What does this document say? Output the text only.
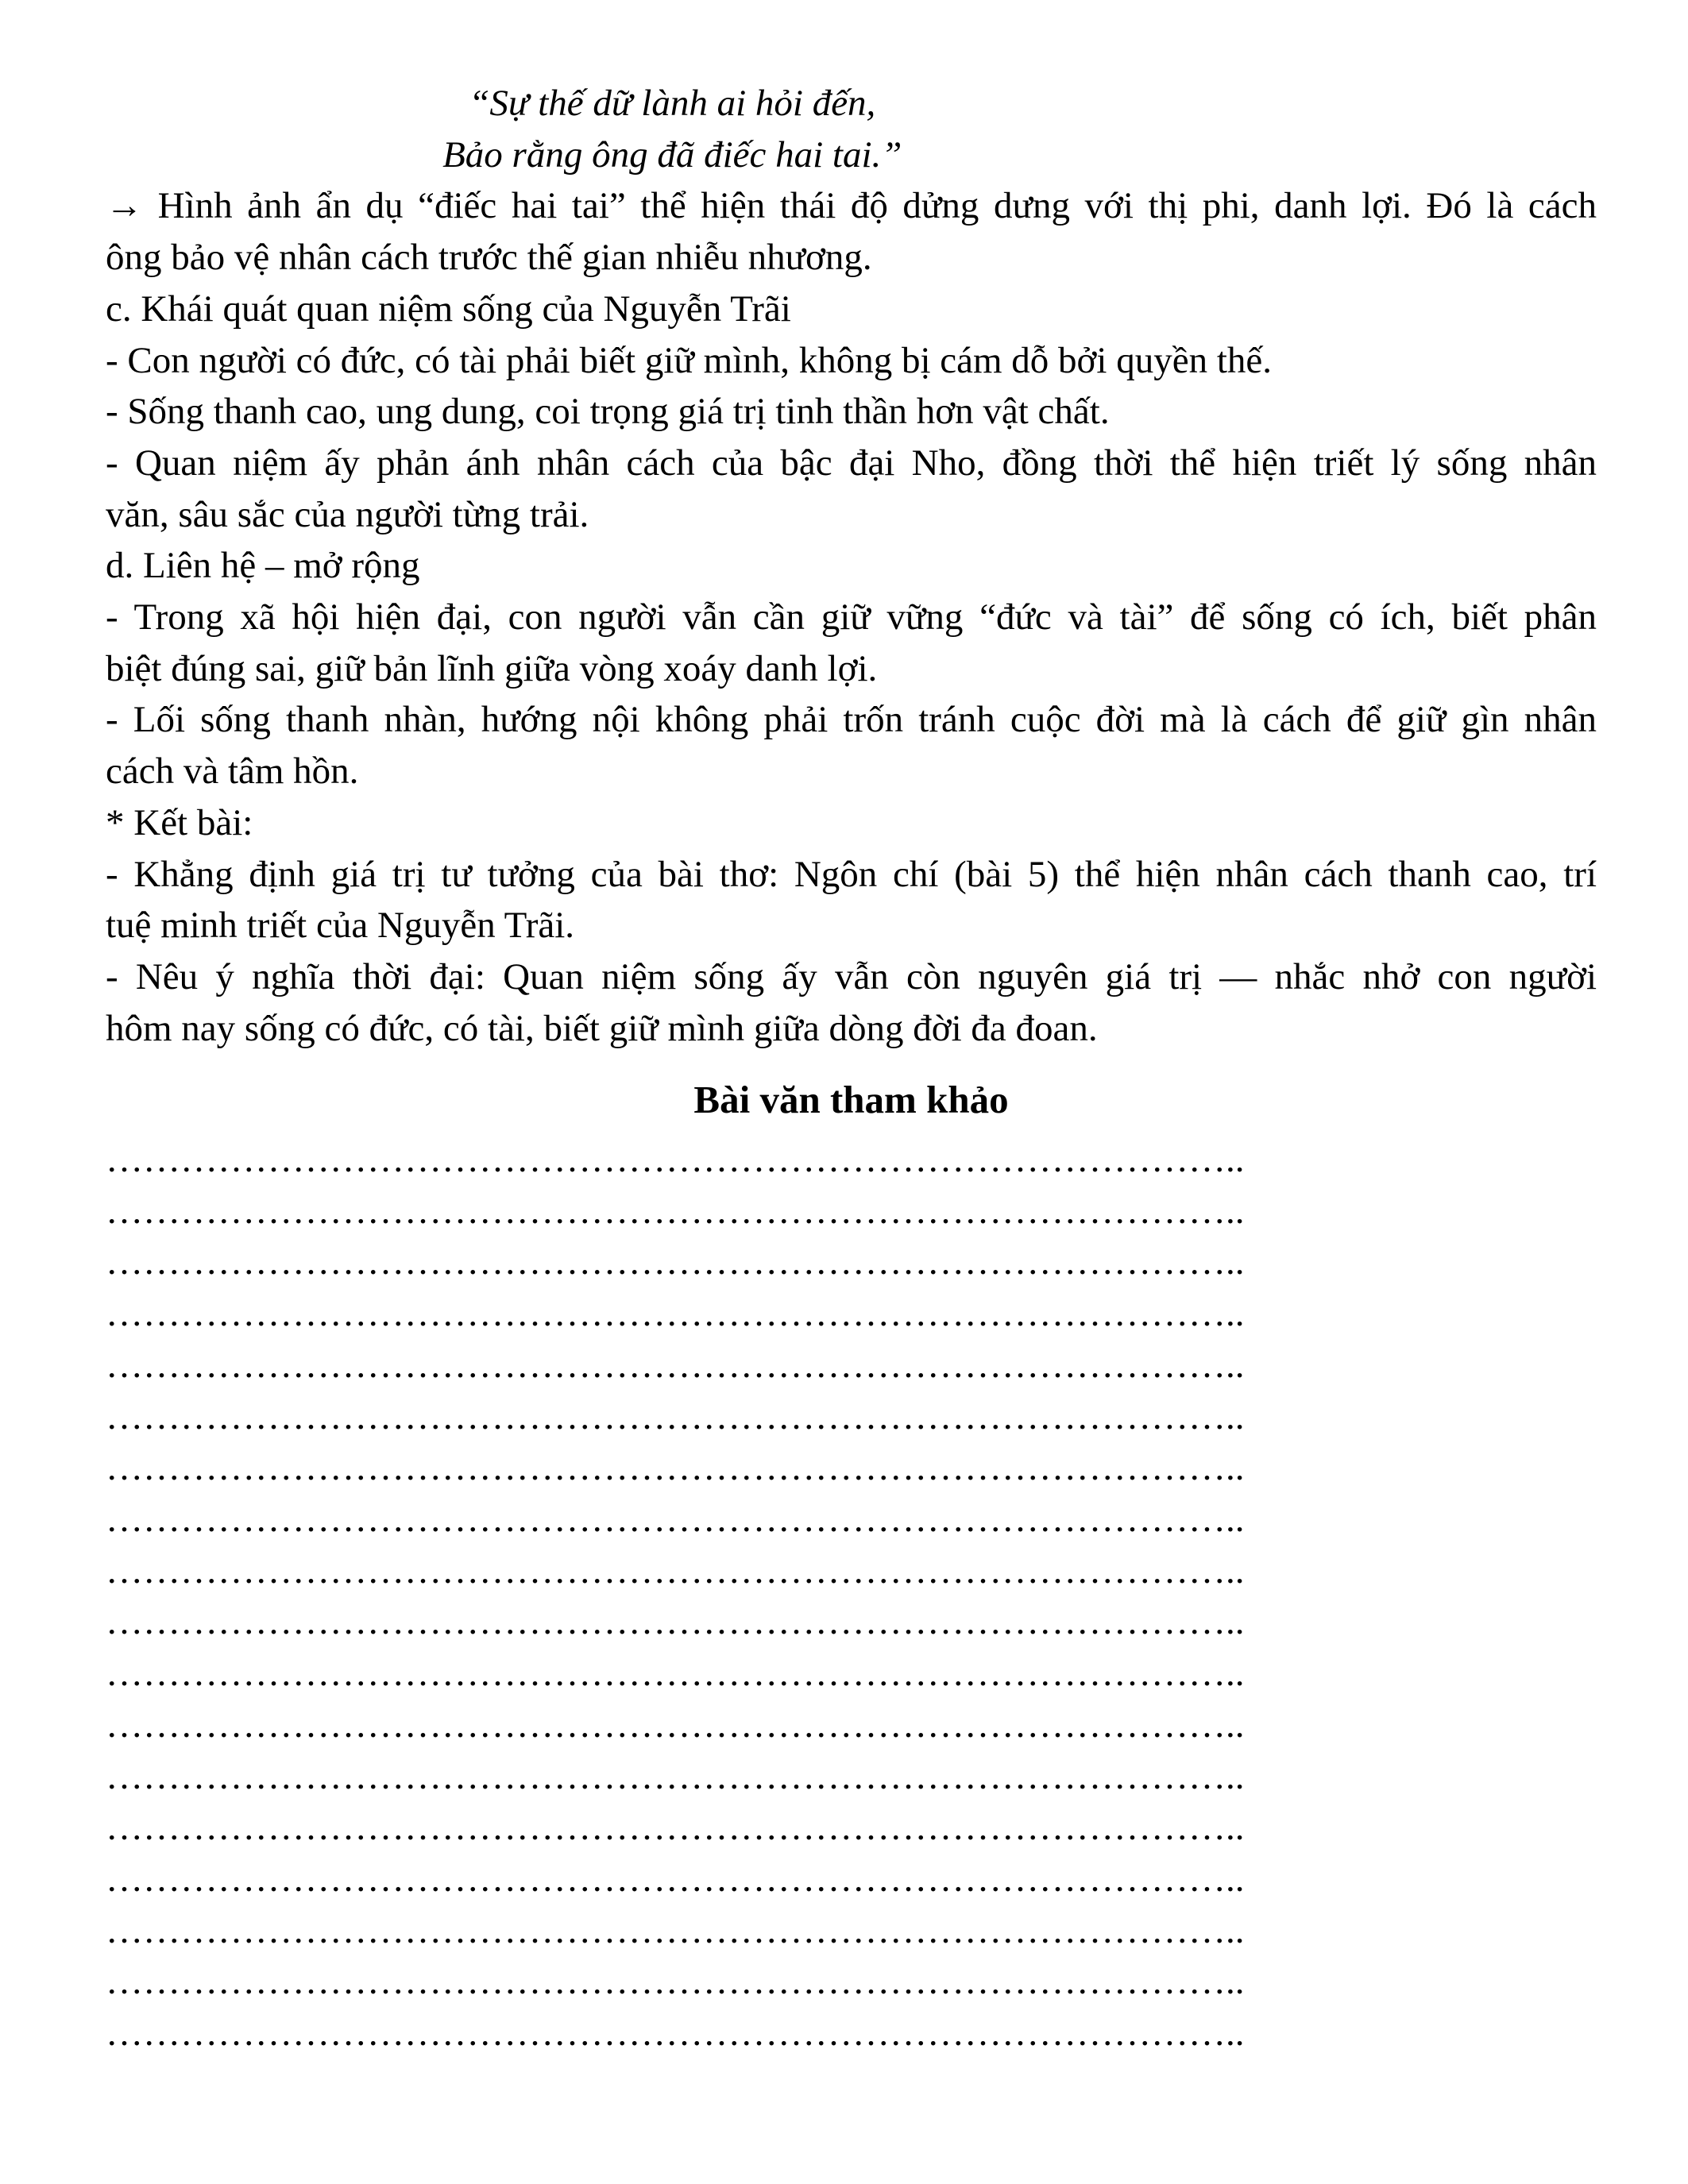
“Sự thế dữ lành ai hỏi đến,
Bảo rằng ông đã điếc hai tai.”

→ Hình ảnh ẩn dụ “điếc hai tai” thể hiện thái độ dửng dưng với thị phi, danh lợi. Đó là cách
ông bảo vệ nhân cách trước thế gian nhiễu nhương.

c. Khái quát quan niệm sống của Nguyễn Trãi

- Con người có đức, có tài phải biết giữ mình, không bị cám dỗ bởi quyền thế.

- Sống thanh cao, ung dung, coi trọng giá trị tinh thần hơn vật chất.

- Quan niệm ấy phản ánh nhân cách của bậc đại Nho, đồng thời thể hiện triết lý sống nhân
văn, sâu sắc của người từng trải.

d. Liên hệ – mở rộng

- Trong xã hội hiện đại, con người vẫn cần giữ vững “đức và tài” để sống có ích, biết phân
biệt đúng sai, giữ bản lĩnh giữa vòng xoáy danh lợi.

- Lối sống thanh nhàn, hướng nội không phải trốn tránh cuộc đời mà là cách để giữ gìn nhân
cách và tâm hồn.

* Kết bài:

- Khẳng định giá trị tư tưởng của bài thơ: Ngôn chí (bài 5) thể hiện nhân cách thanh cao, trí
tuệ minh triết của Nguyễn Trãi.

- Nêu ý nghĩa thời đại: Quan niệm sống ấy vẫn còn nguyên giá trị — nhắc nhở con người
hôm nay sống có đức, có tài, biết giữ mình giữa dòng đời đa đoan.

Bài văn tham khảo
………………………………………………………………………………..
………………………………………………………………………………..
………………………………………………………………………………..
………………………………………………………………………………..
………………………………………………………………………………..
………………………………………………………………………………..
………………………………………………………………………………..
………………………………………………………………………………..
………………………………………………………………………………..
………………………………………………………………………………..
………………………………………………………………………………..
………………………………………………………………………………..
………………………………………………………………………………..
………………………………………………………………………………..
………………………………………………………………………………..
………………………………………………………………………………..
………………………………………………………………………………..
………………………………………………………………………………..
